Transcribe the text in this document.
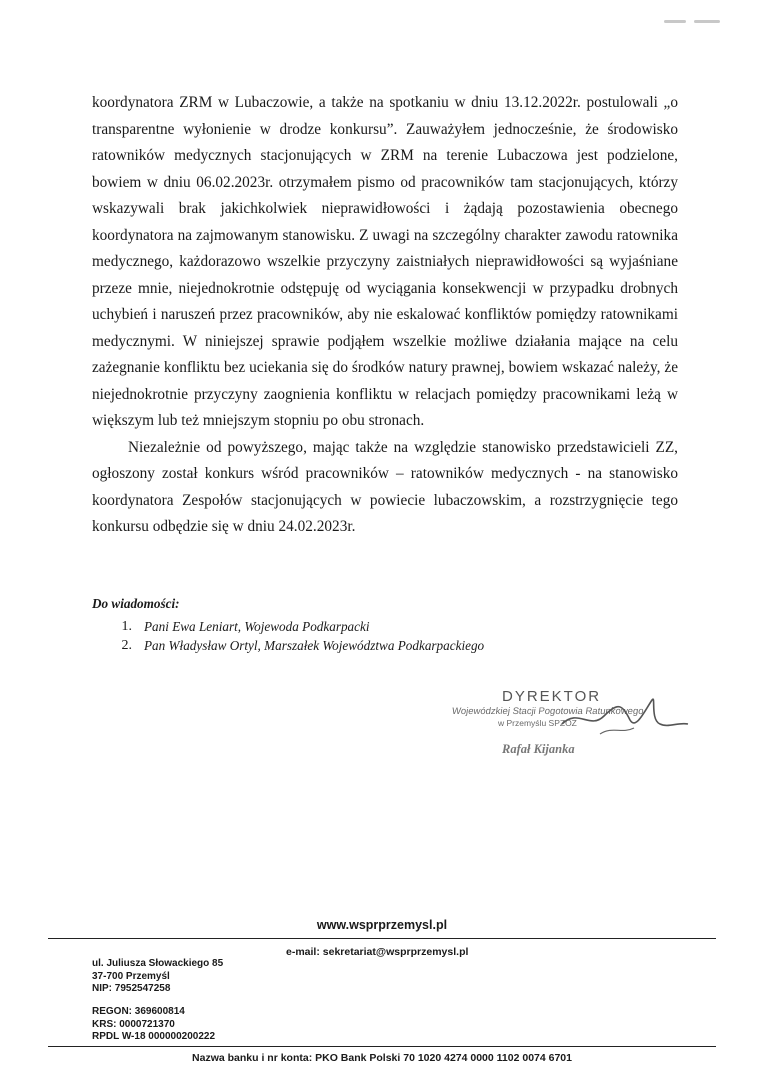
koordynatora ZRM w Lubaczowie, a także na spotkaniu w dniu 13.12.2022r. postulowali „o transparentne wyłonienie w drodze konkursu”. Zauważyłem jednocześnie, że środowisko ratowników medycznych stacjonujących w ZRM na terenie Lubaczowa jest podzielone, bowiem w dniu 06.02.2023r. otrzymałem pismo od pracowników tam stacjonujących, którzy wskazywali brak jakichkolwiek nieprawidłowości i żądają pozostawienia obecnego koordynatora na zajmowanym stanowisku. Z uwagi na szczególny charakter zawodu ratownika medycznego, każdorazowo wszelkie przyczyny zaistniałych nieprawidłowości są wyjaśniane przeze mnie, niejednokrotnie odstępuję od wyciągania konsekwencji w przypadku drobnych uchybień i naruszeń przez pracowników, aby nie eskalować konfliktów pomiędzy ratownikami medycznymi. W niniejszej sprawie podjąłem wszelkie możliwe działania mające na celu zażegnanie konfliktu bez uciekania się do środków natury prawnej, bowiem wskazać należy, że niejednokrotnie przyczyny zaognienia konfliktu w relacjach pomiędzy pracownikami leżą w większym lub też mniejszym stopniu po obu stronach.

Niezależnie od powyższego, mając także na względzie stanowisko przedstawicieli ZZ, ogłoszony został konkurs wśród pracowników – ratowników medycznych - na stanowisko koordynatora Zespołów stacjonujących w powiecie lubaczowskim, a rozstrzygnięcie tego konkursu odbędzie się w dniu 24.02.2023r.

Do wiadomości:
1. Pani Ewa Leniart, Wojewoda Podkarpacki
2. Pan Władysław Ortyl, Marszałek Województwa Podkarpackiego
DYREKTOR
Wojewódzkiej Stacji Pogotowia Ratunkowego
w Przemyślu SPZOZ
Rafał Kijanka
www.wsprprzemysl.pl
e-mail: sekretariat@wsprprzemysl.pl
ul. Juliusza Słowackiego 85
37-700 Przemyśl
NIP: 7952547258
REGON: 369600814
KRS: 0000721370
RPDL W-18 000000200222
Nazwa banku i nr konta: PKO Bank Polski 70 1020 4274 0000 1102 0074 6701
